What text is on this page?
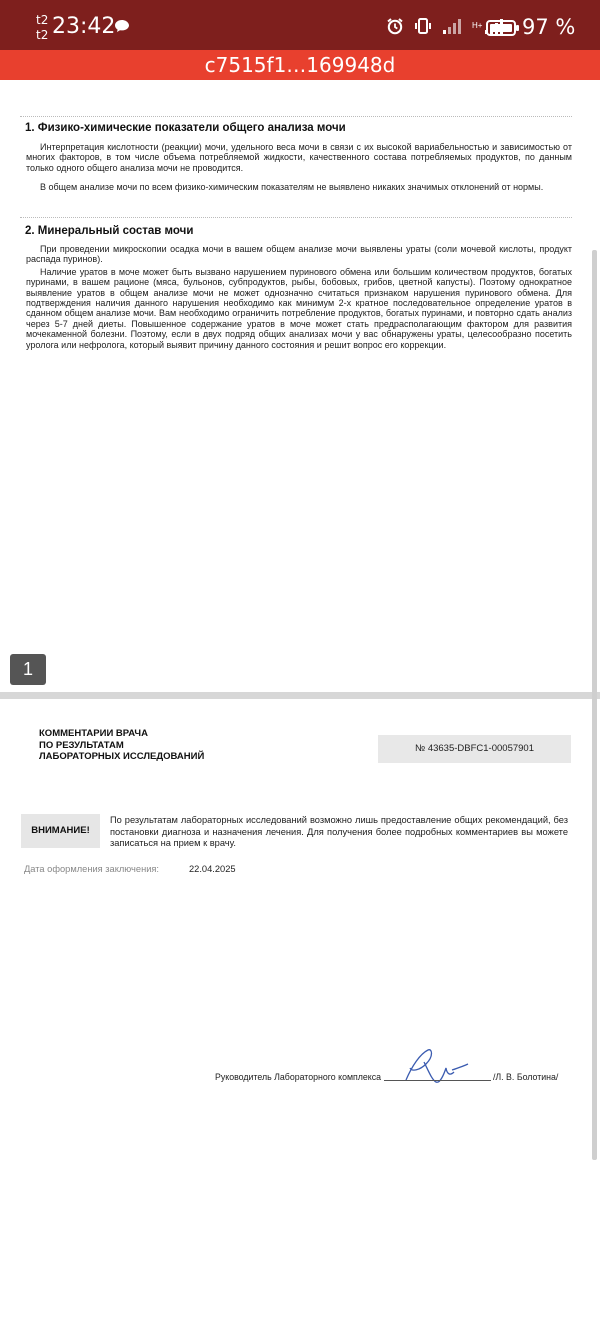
t2
t2 23:42	H+ 97 %
c7515f1…169948d
1. Физико-химические показатели общего анализа мочи

Интерпретация кислотности (реакции) мочи, удельного веса мочи в связи с их высокой вариабельностью и зависимостью от многих факторов, в том числе объема потребляемой жидкости, качественного состава потребляемых продуктов, по данным только одного общего анализа мочи не проводится.

В общем анализе мочи по всем физико-химическим показателям не выявлено никаких значимых отклонений от нормы.

2. Минеральный состав мочи

При проведении микроскопии осадка мочи в вашем общем анализе мочи выявлены ураты (соли мочевой кислоты, продукт распада пуринов).

Наличие уратов в моче может быть вызвано нарушением пуринового обмена или большим количеством продуктов, богатых пуринами, в вашем рационе (мяса, бульонов, субпродуктов, рыбы, бобовых, грибов, цветной капусты). Поэтому однократное выявление уратов в общем анализе мочи не может однозначно считаться признаком нарушения пуринового обмена. Для подтверждения наличия данного нарушения необходимо как минимум 2-х кратное последовательное определение уратов в сданном общем анализе мочи. Вам необходимо ограничить потребление продуктов, богатых пуринами, и повторно сдать анализ через 5-7 дней диеты. Повышенное содержание уратов в моче может стать предрасполагающим фактором для развития мочекаменной болезни. Поэтому, если в двух подряд общих анализах мочи у вас обнаружены ураты, целесообразно посетить уролога или нефролога, который выявит причину данного состояния и решит вопрос его коррекции.

1
КОММЕНТАРИИ ВРАЧА
ПО РЕЗУЛЬТАТАМ
ЛАБОРАТОРНЫХ ИССЛЕДОВАНИЙ
№ 43635-DBFC1-00057901
ВНИМАНИЕ!
По результатам лабораторных исследований возможно лишь предоставление общих рекомендаций, без постановки диагноза и назначения лечения. Для получения более подробных комментариев вы можете записаться на прием к врачу.
Дата оформления заключения:	22.04.2025
Руководитель Лабораторного комплекса	/Л. В. Болотина/
